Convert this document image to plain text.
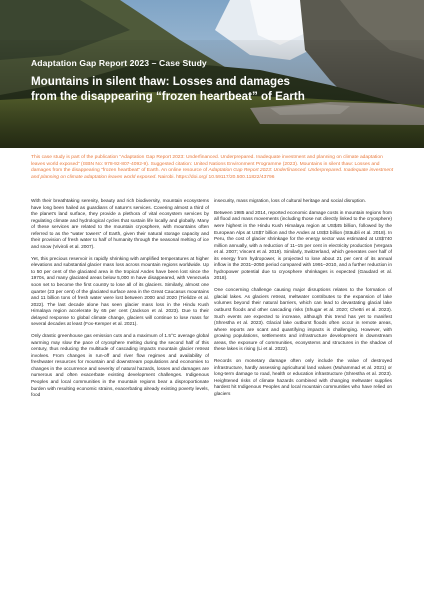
Adaptation Gap Report 2023 – Case Study

Mountains in silent thaw: Losses and damages
from the disappearing “frozen heartbeat” of Earth
This case study is part of the publication “Adaptation Gap Report 2023: Underfinanced. Underprepared. Inadequate investment and planning on climate adaptation leaves world exposed” (ISBN No: 978-92-807-4092-9). Suggested citation: United Nations Environment Programme (2023). Mountains in silent thaw: Losses and damages from the disappearing “frozen heartbeat” of Earth. An online resource of Adaptation Gap Report 2023: Underfinanced. Underprepared. Inadequate investment and planning on climate adaptation leaves world exposed. Nairobi. https://doi.org/ 10.59117/20.500.11822/43796

With their breathtaking serenity, beauty and rich biodiversity, mountain ecosystems have long been hailed as guardians of nature’s services. Covering almost a third of the planet’s land surface, they provide a plethora of vital ecosystem services by regulating climate and hydrological cycles that sustain life locally and globally. Many of these services are related to the mountain cryosphere, with mountains often referred to as the “water towers” of Earth, given their natural storage capacity and their provision of fresh water to half of humanity through the seasonal melting of ice and snow (Viviroli et al. 2007).

Yet, this precious reservoir is rapidly shrinking with amplified temperatures at higher elevations and substantial glacier mass loss across mountain regions worldwide. Up to 50 per cent of the glaciated area in the tropical Andes have been lost since the 1970s, and many glaciated areas below 5,000 m have disappeared, with Venezuela soon set to become the first country to lose all of its glaciers. Similarly, almost one quarter (23 per cent) of the glaciated surface area in the Great Caucasus mountains and 11 billion tons of fresh water were lost between 2000 and 2020 (Tielidze et al. 2022). The last decade alone has seen glacier mass loss in the Hindu Kush Himalaya region accelerate by 65 per cent (Jackson et al. 2023). Due to their delayed response to global climate change, glaciers will continue to lose mass for several decades at least (Fox-Kemper et al. 2021).

Only drastic greenhouse gas emission cuts and a maximum of 1.5°C average global warming may slow the pace of cryosphere melting during the second half of this century, thus reducing the multitude of cascading impacts mountain glacier retreat involves. From changes in run-off and river flow regimes and availability of freshwater resources for mountain and downstream populations and economies to changes in the occurrence and severity of natural hazards, losses and damages are numerous and often exacerbate existing development challenges. Indigenous Peoples and local communities in the mountain regions bear a disproportionate burden with resulting economic strains, exacerbating already existing poverty levels, food

insecurity, mass migration, loss of cultural heritage and social disruption.

Between 1985 and 2014, reported economic damage costs in mountain regions from all flood and mass movements (including those not directly linked to the cryosphere) were highest in the Hindu Kush Himalaya region at US$45 billion, followed by the European Alps at US$7 billion and the Andes at US$3 billion (Stäubli et al. 2018). In Peru, the cost of glacier shrinkage for the energy sector was estimated at US$740 million annually, with a reduction of 11–15 per cent in electricity production (Vergara et al. 2007; Vincent et al. 2019). Similarly, Switzerland, which generates over half of its energy from hydropower, is projected to lose about 21 per cent of its annual inflow in the 2031–2050 period compared with 1991–2010, and a further reduction in hydropower potential due to cryosphere shrinkages is expected (Gaudard et al. 2018).

One concerning challenge causing major disruptions relates to the formation of glacial lakes. As glaciers retreat, meltwater contributes to the expansion of lake volumes beyond their natural barriers, which can lead to devastating glacial lake outburst floods and other cascading risks (Shugar et al. 2020; Chettri et al. 2023). Such events are expected to increase, although this trend has yet to manifest (Shrestha et al. 2023). Glacial lake outburst floods often occur in remote areas, where reports are scant and quantifying impacts is challenging. However, with growing populations, settlements and infrastructure development in downstream areas, the exposure of communities, ecosystems and structures in the shadow of these lakes is rising (Li et al. 2022).

Records on monetary damage often only include the value of destroyed infrastructure, hardly assessing agricultural land values (Muhammad et al. 2021) or long-term damage to road, health or education infrastructure (Shrestha et al. 2023). Heightened risks of climate hazards combined with changing meltwater supplies hardest hit Indigenous Peoples and local mountain communities who have relied on glaciers
